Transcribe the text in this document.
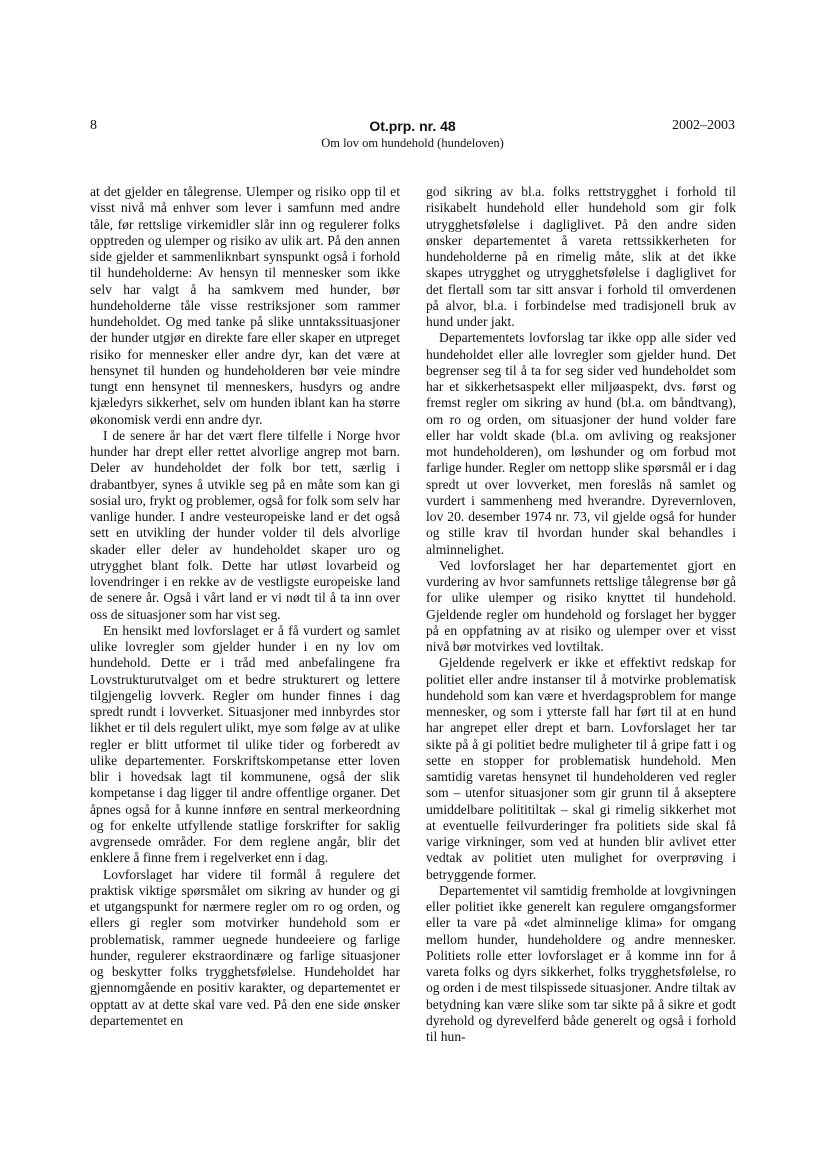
8	Ot.prp. nr. 48
Om lov om hundehold (hundeloven)
2002–2003

at det gjelder en tålegrense. Ulemper og risiko opp til et visst nivå må enhver som lever i samfunn med andre tåle, før rettslige virkemidler slår inn og regulerer folks opptreden og ulemper og risiko av ulik art. På den annen side gjelder et sammenliknbart synspunkt også i forhold til hundeholderne: Av hensyn til mennesker som ikke selv har valgt å ha samkvem med hunder, bør hundeholderne tåle visse restriksjoner som rammer hundeholdet. Og med tanke på slike unntakssituasjoner der hunder utgjør en direkte fare eller skaper en utpreget risiko for mennesker eller andre dyr, kan det være at hensynet til hunden og hundeholderen bør veie mindre tungt enn hensynet til menneskers, husdyrs og andre kjæledyrs sikkerhet, selv om hunden iblant kan ha større økonomisk verdi enn andre dyr.

I de senere år har det vært flere tilfelle i Norge hvor hunder har drept eller rettet alvorlige angrep mot barn. Deler av hundeholdet der folk bor tett, særlig i drabantbyer, synes å utvikle seg på en måte som kan gi sosial uro, frykt og problemer, også for folk som selv har vanlige hunder. I andre vesteuropeiske land er det også sett en utvikling der hunder volder til dels alvorlige skader eller deler av hundeholdet skaper uro og utrygghet blant folk. Dette har utløst lovarbeid og lovendringer i en rekke av de vestligste europeiske land de senere år. Også i vårt land er vi nødt til å ta inn over oss de situasjoner som har vist seg.

En hensikt med lovforslaget er å få vurdert og samlet ulike lovregler som gjelder hunder i en ny lov om hundehold. Dette er i tråd med anbefalingene fra Lovstrukturutvalget om et bedre strukturert og lettere tilgjengelig lovverk. Regler om hunder finnes i dag spredt rundt i lovverket. Situasjoner med innbyrdes stor likhet er til dels regulert ulikt, mye som følge av at ulike regler er blitt utformet til ulike tider og forberedt av ulike departementer. Forskriftskompetanse etter loven blir i hovedsak lagt til kommunene, også der slik kompetanse i dag ligger til andre offentlige organer. Det åpnes også for å kunne innføre en sentral merkeordning og for enkelte utfyllende statlige forskrifter for saklig avgrensede områder. For dem reglene angår, blir det enklere å finne frem i regelverket enn i dag.

Lovforslaget har videre til formål å regulere det praktisk viktige spørsmålet om sikring av hunder og gi et utgangspunkt for nærmere regler om ro og orden, og ellers gi regler som motvirker hundehold som er problematisk, rammer uegnede hundeeiere og farlige hunder, regulerer ekstraordinære og farlige situasjoner og beskytter folks trygghetsfølelse. Hundeholdet har gjennomgående en positiv karakter, og departementet er opptatt av at dette skal vare ved. På den ene side ønsker departementet en

god sikring av bl.a. folks rettstrygghet i forhold til risikabelt hundehold eller hundehold som gir folk utrygghetsfølelse i dagliglivet. På den andre siden ønsker departementet å vareta rettssikkerheten for hundeholderne på en rimelig måte, slik at det ikke skapes utrygghet og utrygghetsfølelse i dagliglivet for det flertall som tar sitt ansvar i forhold til omverdenen på alvor, bl.a. i forbindelse med tradisjonell bruk av hund under jakt.

Departementets lovforslag tar ikke opp alle sider ved hundeholdet eller alle lovregler som gjelder hund. Det begrenser seg til å ta for seg sider ved hundeholdet som har et sikkerhetsaspekt eller miljøaspekt, dvs. først og fremst regler om sikring av hund (bl.a. om båndtvang), om ro og orden, om situasjoner der hund volder fare eller har voldt skade (bl.a. om avliving og reaksjoner mot hundeholderen), om løshunder og om forbud mot farlige hunder. Regler om nettopp slike spørsmål er i dag spredt ut over lovverket, men foreslås nå samlet og vurdert i sammenheng med hverandre. Dyrevernloven, lov 20. desember 1974 nr. 73, vil gjelde også for hunder og stille krav til hvordan hunder skal behandles i alminnelighet.

Ved lovforslaget her har departementet gjort en vurdering av hvor samfunnets rettslige tålegrense bør gå for ulike ulemper og risiko knyttet til hundehold. Gjeldende regler om hundehold og forslaget her bygger på en oppfatning av at risiko og ulemper over et visst nivå bør motvirkes ved lovtiltak.

Gjeldende regelverk er ikke et effektivt redskap for politiet eller andre instanser til å motvirke problematisk hundehold som kan være et hverdagsproblem for mange mennesker, og som i ytterste fall har ført til at en hund har angrepet eller drept et barn. Lovforslaget her tar sikte på å gi politiet bedre muligheter til å gripe fatt i og sette en stopper for problematisk hundehold. Men samtidig varetas hensynet til hundeholderen ved regler som – utenfor situasjoner som gir grunn til å akseptere umiddelbare polititiltak – skal gi rimelig sikkerhet mot at eventuelle feilvurderinger fra politiets side skal få varige virkninger, som ved at hunden blir avlivet etter vedtak av politiet uten mulighet for overprøving i betryggende former.

Departementet vil samtidig fremholde at lovgivningen eller politiet ikke generelt kan regulere omgangsformer eller ta vare på «det alminnelige klima» for omgang mellom hunder, hundeholdere og andre mennesker. Politiets rolle etter lovforslaget er å komme inn for å vareta folks og dyrs sikkerhet, folks trygghetsfølelse, ro og orden i de mest tilspissede situasjoner. Andre tiltak av betydning kan være slike som tar sikte på å sikre et godt dyrehold og dyrevelferd både generelt og også i forhold til hun-
